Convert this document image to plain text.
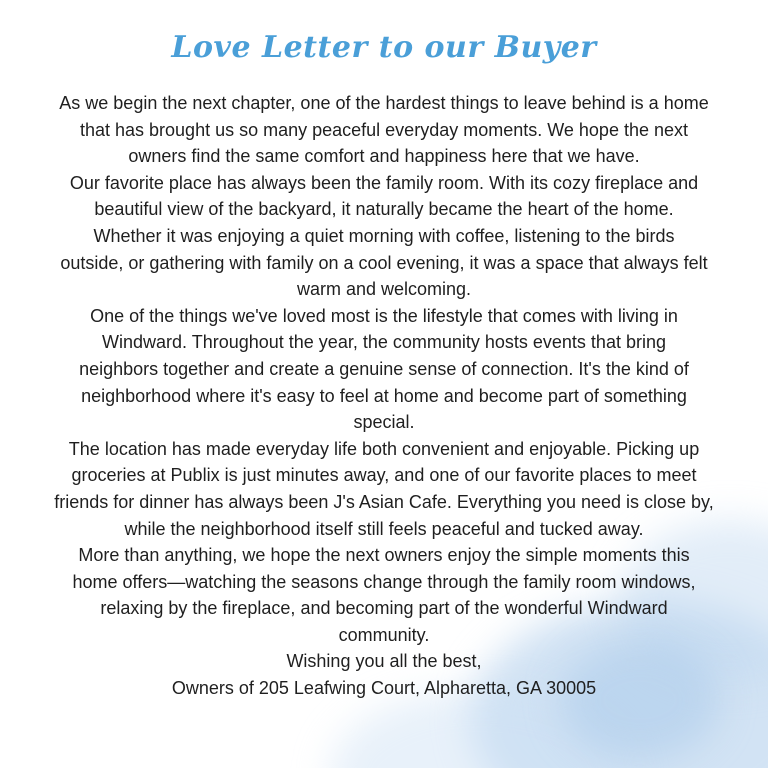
Love Letter to our Buyer
As we begin the next chapter, one of the hardest things to leave behind is a home
that has brought us so many peaceful everyday moments. We hope the next
owners find the same comfort and happiness here that we have.
Our favorite place has always been the family room. With its cozy fireplace and
beautiful view of the backyard, it naturally became the heart of the home.
Whether it was enjoying a quiet morning with coffee, listening to the birds
outside, or gathering with family on a cool evening, it was a space that always felt
warm and welcoming.
One of the things we've loved most is the lifestyle that comes with living in
Windward. Throughout the year, the community hosts events that bring
neighbors together and create a genuine sense of connection. It's the kind of
neighborhood where it's easy to feel at home and become part of something
special.
The location has made everyday life both convenient and enjoyable. Picking up
groceries at Publix is just minutes away, and one of our favorite places to meet
friends for dinner has always been J's Asian Cafe. Everything you need is close by,
while the neighborhood itself still feels peaceful and tucked away.
More than anything, we hope the next owners enjoy the simple moments this
home offers—watching the seasons change through the family room windows,
relaxing by the fireplace, and becoming part of the wonderful Windward
community.
Wishing you all the best,
Owners of 205 Leafwing Court, Alpharetta, GA 30005
